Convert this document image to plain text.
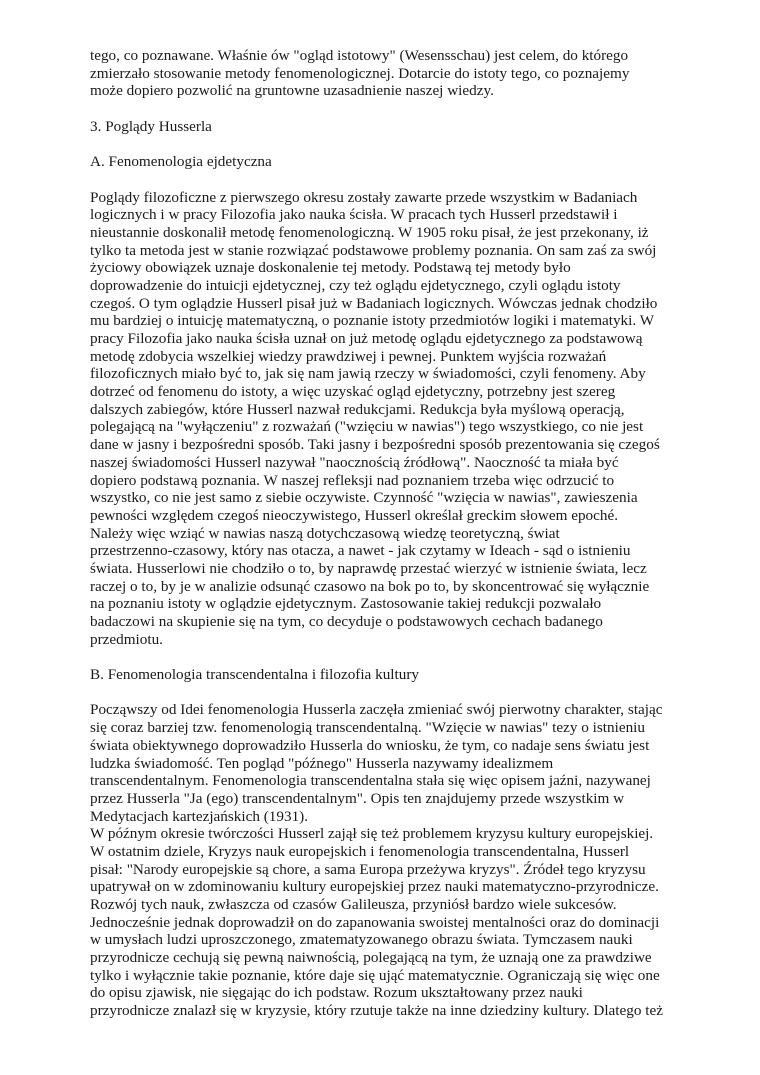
tego, co poznawane. Właśnie ów "ogląd istotowy" (Wesensschau) jest celem, do którego
zmierzało stosowanie metody fenomenologicznej. Dotarcie do istoty tego, co poznajemy
może dopiero pozwolić na gruntowne uzasadnienie naszej wiedzy.
3. Poglądy Husserla
A. Fenomenologia ejdetyczna
Poglądy filozoficzne z pierwszego okresu zostały zawarte przede wszystkim w Badaniach
logicznych i w pracy Filozofia jako nauka ścisła. W pracach tych Husserl przedstawił i
nieustannie doskonalił metodę fenomenologiczną. W 1905 roku pisał, że jest przekonany, iż
tylko ta metoda jest w stanie rozwiązać podstawowe problemy poznania. On sam zaś za swój
życiowy obowiązek uznaje doskonalenie tej metody. Podstawą tej metody było
doprowadzenie do intuicji ejdetycznej, czy też oglądu ejdetycznego, czyli oglądu istoty
czegoś. O tym oglądzie Husserl pisał już w Badaniach logicznych. Wówczas jednak chodziło
mu bardziej o intuicję matematyczną, o poznanie istoty przedmiotów logiki i matematyki. W
pracy Filozofia jako nauka ścisła uznał on już metodę oglądu ejdetycznego za podstawową
metodę zdobycia wszelkiej wiedzy prawdziwej i pewnej. Punktem wyjścia rozważań
filozoficznych miało być to, jak się nam jawią rzeczy w świadomości, czyli fenomeny. Aby
dotrzeć od fenomenu do istoty, a więc uzyskać ogląd ejdetyczny, potrzebny jest szereg
dalszych zabiegów, które Husserl nazwał redukcjami. Redukcja była myślową operacją,
polegającą na "wyłączeniu" z rozważań ("wzięciu w nawias") tego wszystkiego, co nie jest
dane w jasny i bezpośredni sposób. Taki jasny i bezpośredni sposób prezentowania się czegoś
naszej świadomości Husserl nazywał "naocznością źródłową". Naoczność ta miała być
dopiero podstawą poznania. W naszej refleksji nad poznaniem trzeba więc odrzucić to
wszystko, co nie jest samo z siebie oczywiste. Czynność "wzięcia w nawias", zawieszenia
pewności względem czegoś nieoczywistego, Husserl określał greckim słowem epoché.
Należy więc wziąć w nawias naszą dotychczasową wiedzę teoretyczną, świat
przestrzenno-czasowy, który nas otacza, a nawet - jak czytamy w Ideach - sąd o istnieniu
świata. Husserlowi nie chodziło o to, by naprawdę przestać wierzyć w istnienie świata, lecz
raczej o to, by je w analizie odsunąć czasowo na bok po to, by skoncentrować się wyłącznie
na poznaniu istoty w oglądzie ejdetycznym. Zastosowanie takiej redukcji pozwalało
badaczowi na skupienie się na tym, co decyduje o podstawowych cechach badanego
przedmiotu.
B. Fenomenologia transcendentalna i filozofia kultury
Począwszy od Idei fenomenologia Husserla zaczęła zmieniać swój pierwotny charakter, stając
się coraz barziej tzw. fenomenologią transcendentalną. "Wzięcie w nawias" tezy o istnieniu
świata obiektywnego doprowadziło Husserla do wniosku, że tym, co nadaje sens światu jest
ludzka świadomość. Ten pogląd "późnego" Husserla nazywamy idealizmem
transcendentalnym. Fenomenologia transcendentalna stała się więc opisem jaźni, nazywanej
przez Husserla "Ja (ego) transcendentalnym". Opis ten znajdujemy przede wszystkim w
Medytacjach kartezjańskich (1931).
W późnym okresie twórczości Husserl zajął się też problemem kryzysu kultury europejskiej.
W ostatnim dziele, Kryzys nauk europejskich i fenomenologia transcendentalna, Husserl
pisał: "Narody europejskie są chore, a sama Europa przeżywa kryzys". Źródeł tego kryzysu
upatrywał on w zdominowaniu kultury europejskiej przez nauki matematyczno-przyrodnicze.
Rozwój tych nauk, zwłaszcza od czasów Galileusza, przyniósł bardzo wiele sukcesów.
Jednocześnie jednak doprowadził on do zapanowania swoistej mentalności oraz do dominacji
w umysłach ludzi uproszczonego, zmatematyzowanego obrazu świata. Tymczasem nauki
przyrodnicze cechują się pewną naiwnością, polegającą na tym, że uznają one za prawdziwe
tylko i wyłącznie takie poznanie, które daje się ująć matematycznie. Ograniczają się więc one
do opisu zjawisk, nie sięgając do ich podstaw. Rozum ukształtowany przez nauki
przyrodnicze znalazł się w kryzysie, który rzutuje także na inne dziedziny kultury. Dlatego też
